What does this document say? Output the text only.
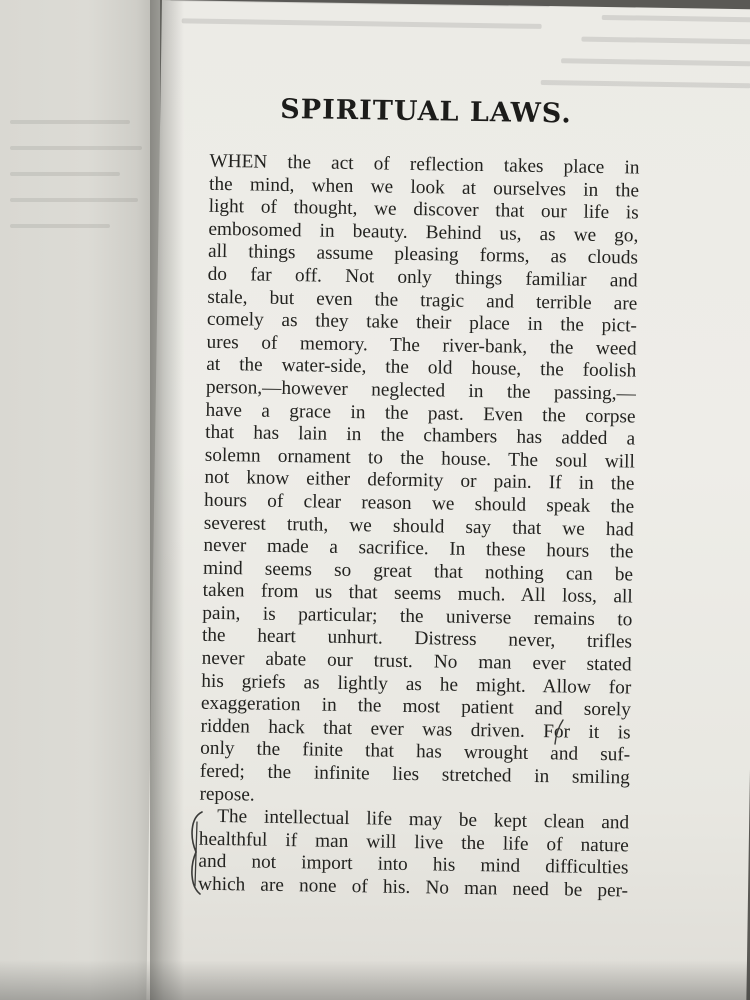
SPIRITUAL LAWS.
WHEN the act of reflection takes place in
the mind, when we look at ourselves in the
light of thought, we discover that our life is
embosomed in beauty. Behind us, as we go,
all things assume pleasing forms, as clouds
do far off. Not only things familiar and
stale, but even the tragic and terrible are
comely as they take their place in the pict-
ures of memory. The river-bank, the weed
at the water-side, the old house, the foolish
person,—however neglected in the passing,—
have a grace in the past. Even the corpse
that has lain in the chambers has added a
solemn ornament to the house. The soul will
not know either deformity or pain. If in the
hours of clear reason we should speak the
severest truth, we should say that we had
never made a sacrifice. In these hours the
mind seems so great that nothing can be
taken from us that seems much. All loss, all
pain, is particular; the universe remains to
the heart unhurt. Distress never, trifles
never abate our trust. No man ever stated
his griefs as lightly as he might. Allow for
exaggeration in the most patient and sorely
ridden hack that ever was driven. For it is
only the finite that has wrought and suf-
fered; the infinite lies stretched in smiling
repose.
The intellectual life may be kept clean and
healthful if man will live the life of nature
and not import into his mind difficulties
which are none of his. No man need be per-
